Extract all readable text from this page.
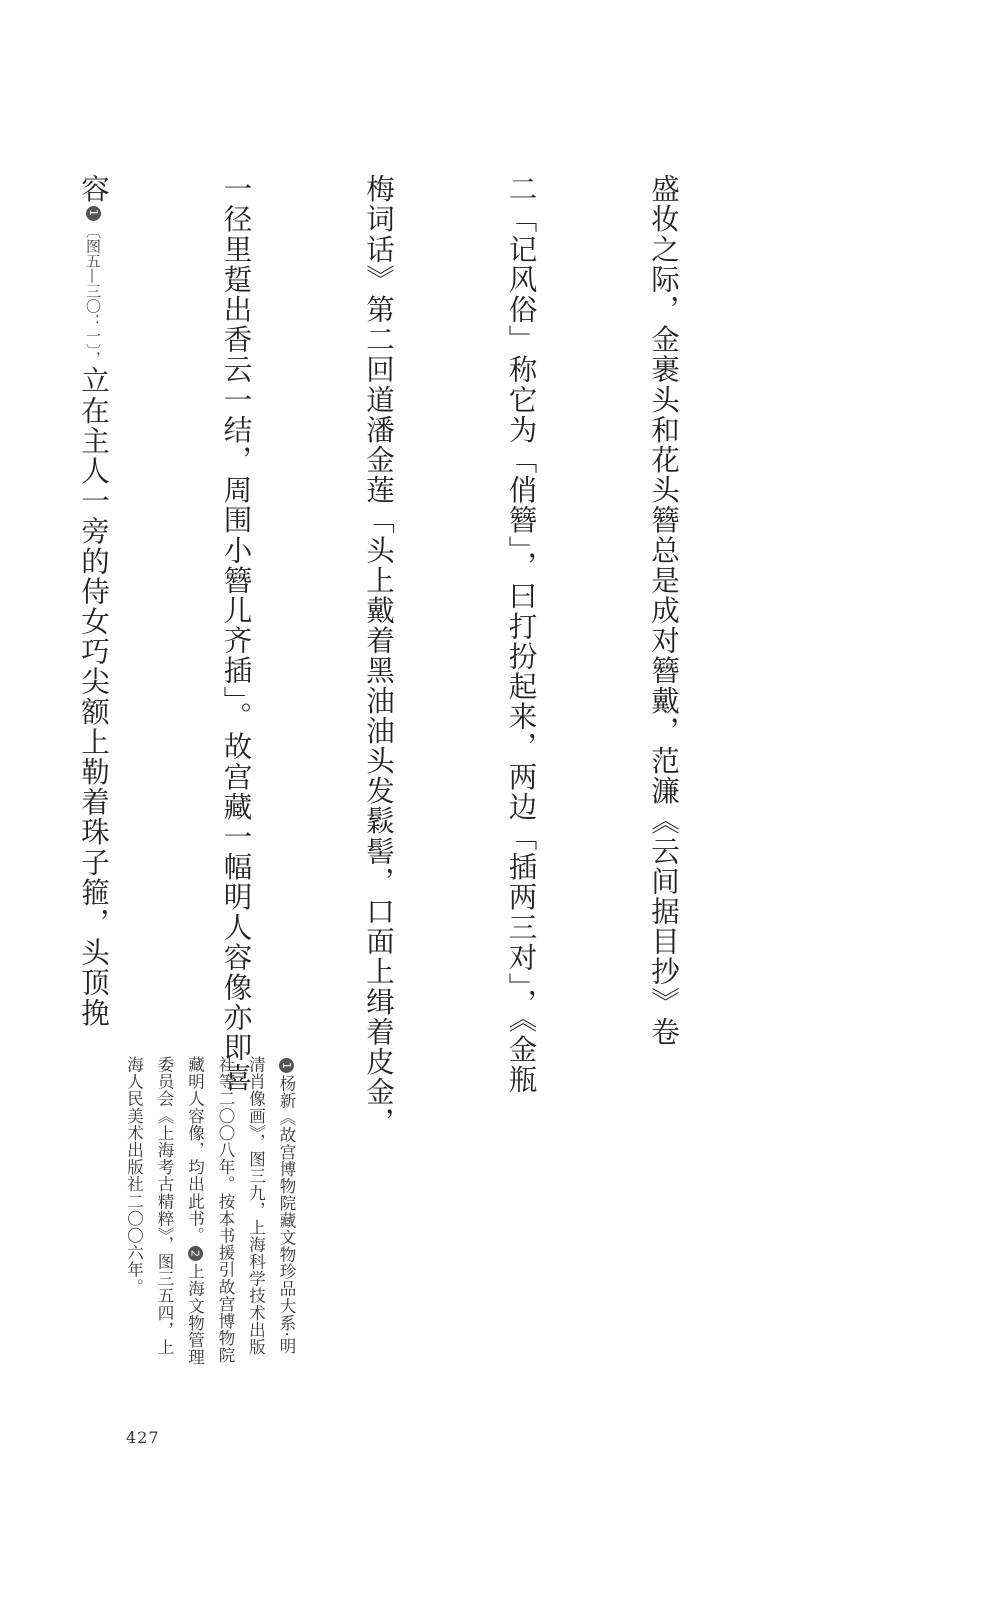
盛妆之际，金裹头和花头簪总是成对簪戴，范濂《云间据目抄》卷

二「记风俗」称它为「俏簪」，曰打扮起来，两边「插两三对」，《金瓶

梅词话》第二回道潘金莲「头上戴着黑油油头发鬏髻，口面上缉着皮金，

一径里踅出香云一结，周围小簪儿齐插」。故宫藏一幅明人容像亦即喜

容1〔图五—三〇：一〕，立在主人一旁的侍女巧尖额上勒着珠子箍，头顶挽

1杨新《故宫博物院藏文物珍品大系·明
清肖像画》，图三九，上海科学技术出版
社等二〇〇八年。按本书援引故宫博物院
藏明人容像，均出此书。2上海文物管理
委员会《上海考古精粹》，图三五四，上
海人民美术出版社二〇〇六年。
427
